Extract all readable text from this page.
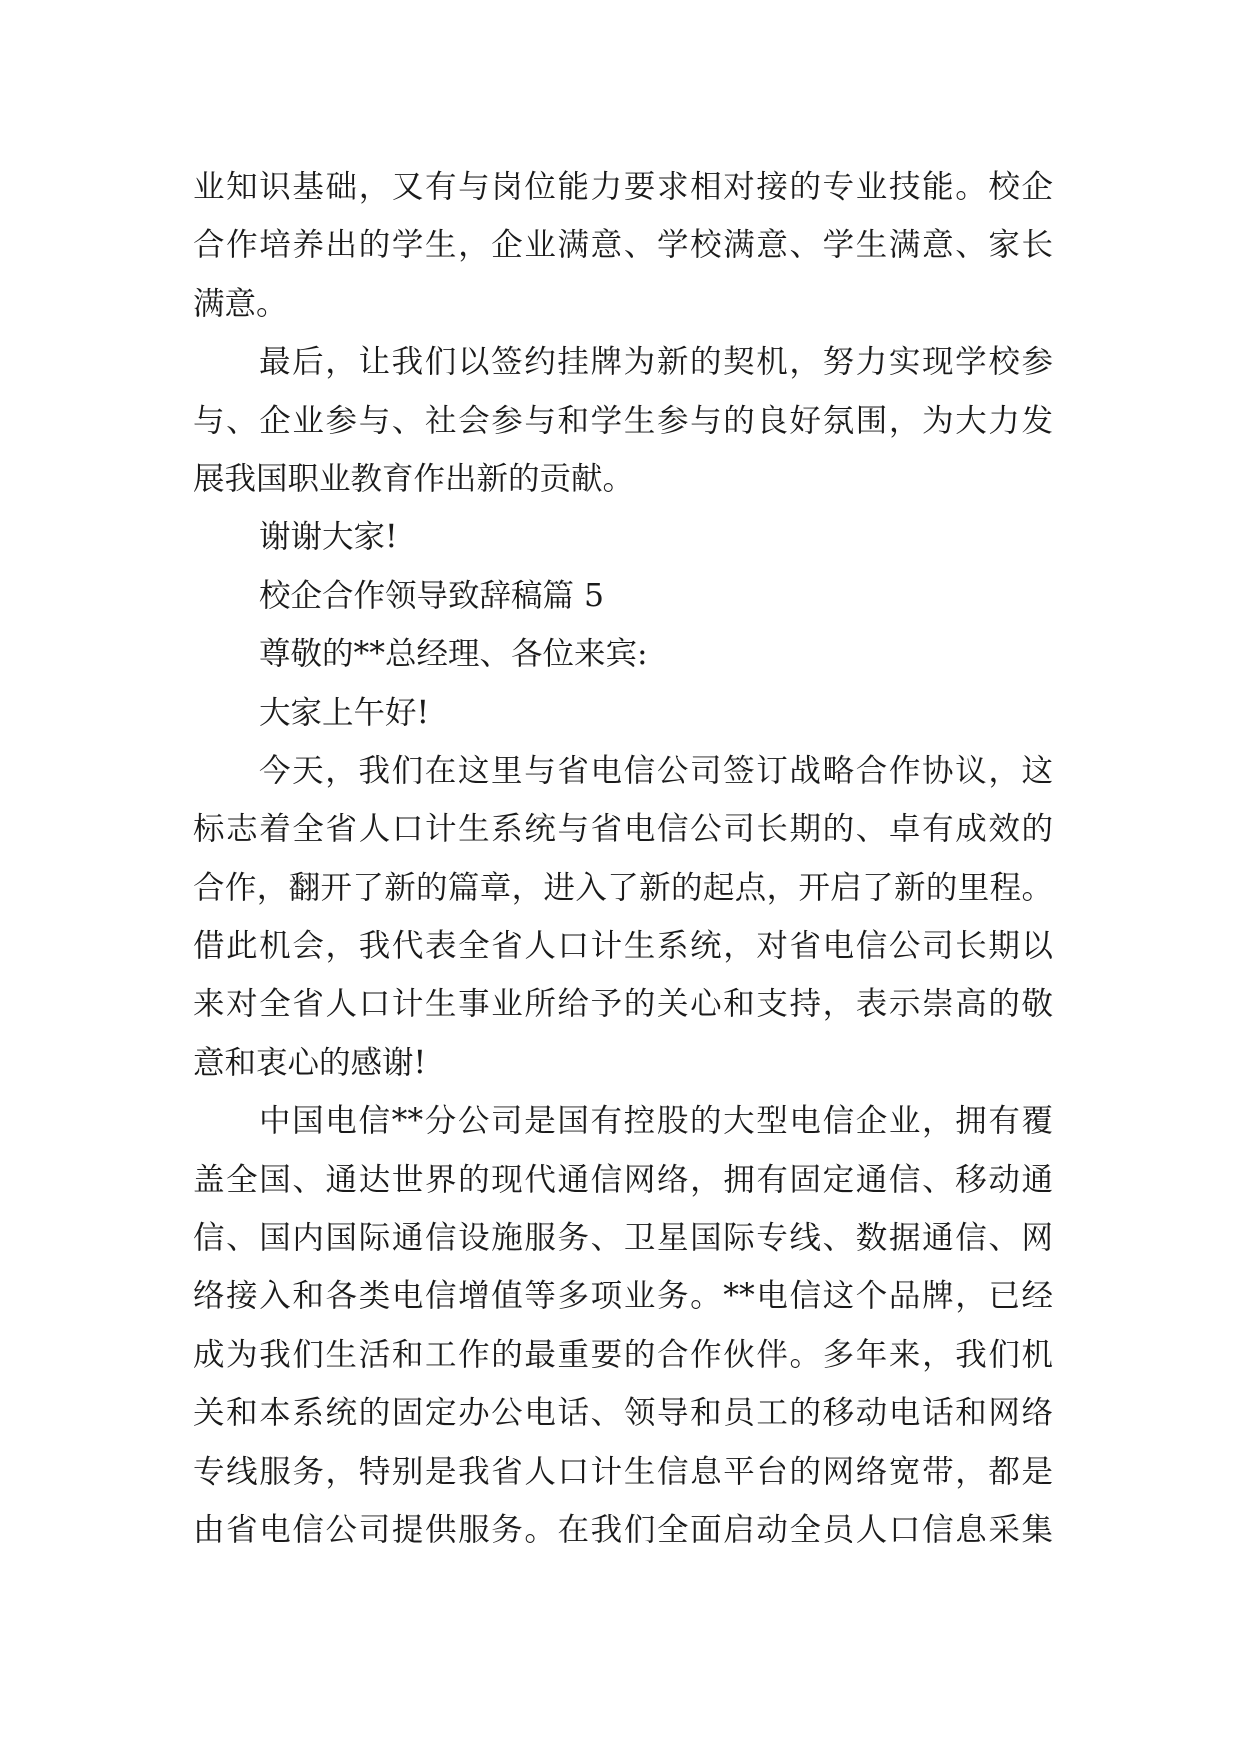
业知识基础，又有与岗位能力要求相对接的专业技能。校企
合作培养出的学生，企业满意、学校满意、学生满意、家长
满意。
最后，让我们以签约挂牌为新的契机，努力实现学校参
与、企业参与、社会参与和学生参与的良好氛围，为大力发
展我国职业教育作出新的贡献。
谢谢大家!
校企合作领导致辞稿篇 5
尊敬的**总经理、各位来宾:
大家上午好!
今天，我们在这里与省电信公司签订战略合作协议，这
标志着全省人口计生系统与省电信公司长期的、卓有成效的
合作，翻开了新的篇章，进入了新的起点，开启了新的里程。
借此机会，我代表全省人口计生系统，对省电信公司长期以
来对全省人口计生事业所给予的关心和支持，表示崇高的敬
意和衷心的感谢!
中国电信**分公司是国有控股的大型电信企业，拥有覆
盖全国、通达世界的现代通信网络，拥有固定通信、移动通
信、国内国际通信设施服务、卫星国际专线、数据通信、网
络接入和各类电信增值等多项业务。**电信这个品牌，已经
成为我们生活和工作的最重要的合作伙伴。多年来，我们机
关和本系统的固定办公电话、领导和员工的移动电话和网络
专线服务，特别是我省人口计生信息平台的网络宽带，都是
由省电信公司提供服务。在我们全面启动全员人口信息采集
